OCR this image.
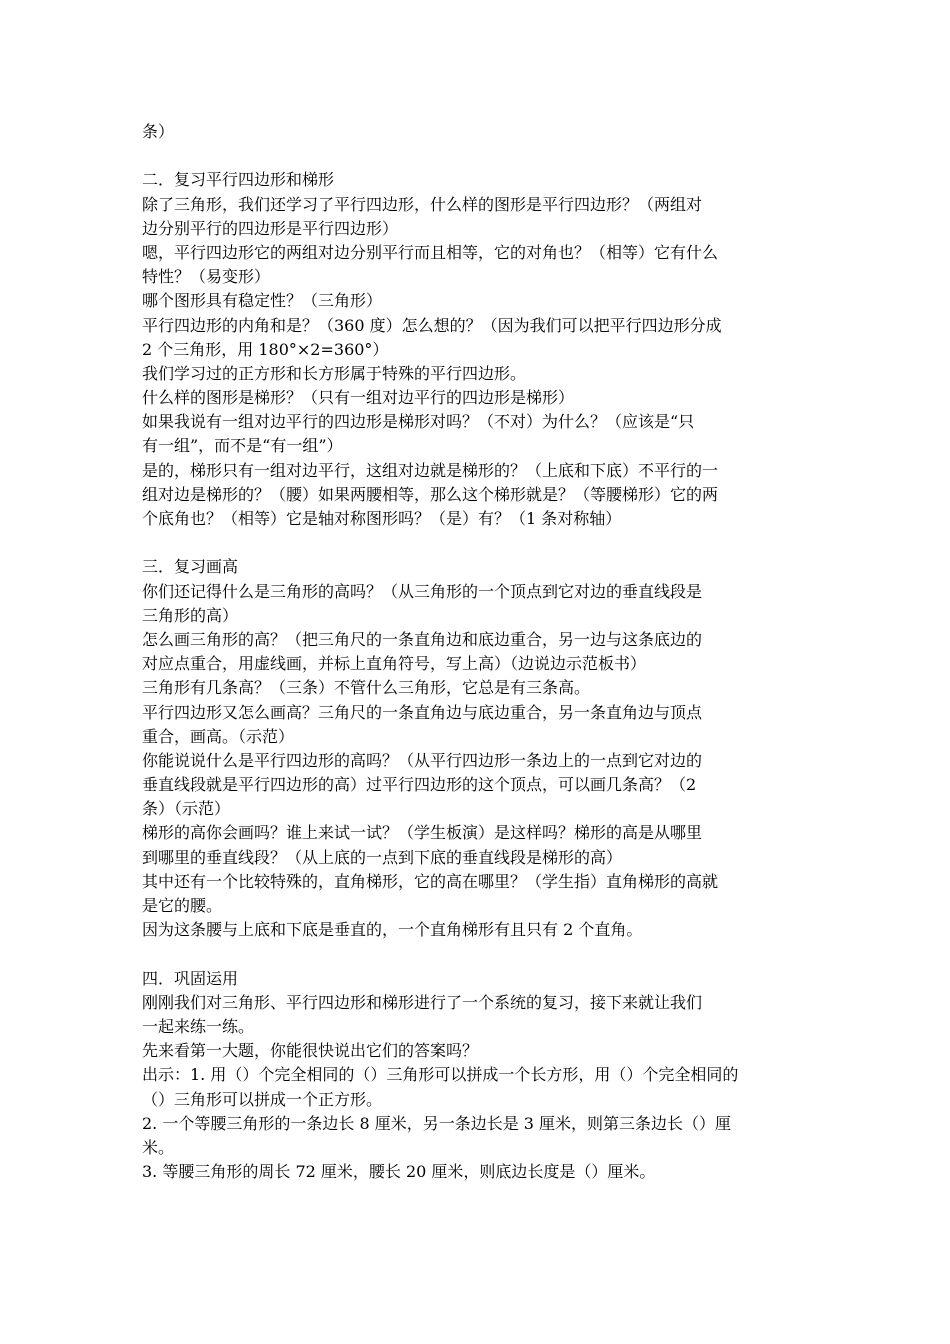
条）
二．复习平行四边形和梯形
除了三角形，我们还学习了平行四边形，什么样的图形是平行四边形？（两组对
边分别平行的四边形是平行四边形）
嗯，平行四边形它的两组对边分别平行而且相等，它的对角也？（相等）它有什么
特性？（易变形）
哪个图形具有稳定性？（三角形）
平行四边形的内角和是？（360 度）怎么想的？（因为我们可以把平行四边形分成
2 个三角形，用 180°×2=360°）
我们学习过的正方形和长方形属于特殊的平行四边形。
什么样的图形是梯形？（只有一组对边平行的四边形是梯形）
如果我说有一组对边平行的四边形是梯形对吗？（不对）为什么？（应该是“只
有一组”，而不是“有一组”）
是的，梯形只有一组对边平行，这组对边就是梯形的？（上底和下底）不平行的一
组对边是梯形的？（腰）如果两腰相等，那么这个梯形就是？（等腰梯形）它的两
个底角也？（相等）它是轴对称图形吗？（是）有？（1 条对称轴）
三．复习画高
你们还记得什么是三角形的高吗？（从三角形的一个顶点到它对边的垂直线段是
三角形的高）
怎么画三角形的高？（把三角尺的一条直角边和底边重合，另一边与这条底边的
对应点重合，用虚线画，并标上直角符号，写上高）（边说边示范板书）
三角形有几条高？（三条）不管什么三角形，它总是有三条高。
平行四边形又怎么画高？三角尺的一条直角边与底边重合，另一条直角边与顶点
重合，画高。（示范）
你能说说什么是平行四边形的高吗？（从平行四边形一条边上的一点到它对边的
垂直线段就是平行四边形的高）过平行四边形的这个顶点，可以画几条高？（2
条）（示范）
梯形的高你会画吗？谁上来试一试？（学生板演）是这样吗？梯形的高是从哪里
到哪里的垂直线段？（从上底的一点到下底的垂直线段是梯形的高）
其中还有一个比较特殊的，直角梯形，它的高在哪里？（学生指）直角梯形的高就
是它的腰。
因为这条腰与上底和下底是垂直的，一个直角梯形有且只有 2 个直角。
四．巩固运用
刚刚我们对三角形、平行四边形和梯形进行了一个系统的复习，接下来就让我们
一起来练一练。
先来看第一大题，你能很快说出它们的答案吗？
出示：1. 用（）个完全相同的（）三角形可以拼成一个长方形，用（）个完全相同的
（）三角形可以拼成一个正方形。
2. 一个等腰三角形的一条边长 8 厘米，另一条边长是 3 厘米，则第三条边长（）厘
米。
3. 等腰三角形的周长 72 厘米，腰长 20 厘米，则底边长度是（）厘米。
